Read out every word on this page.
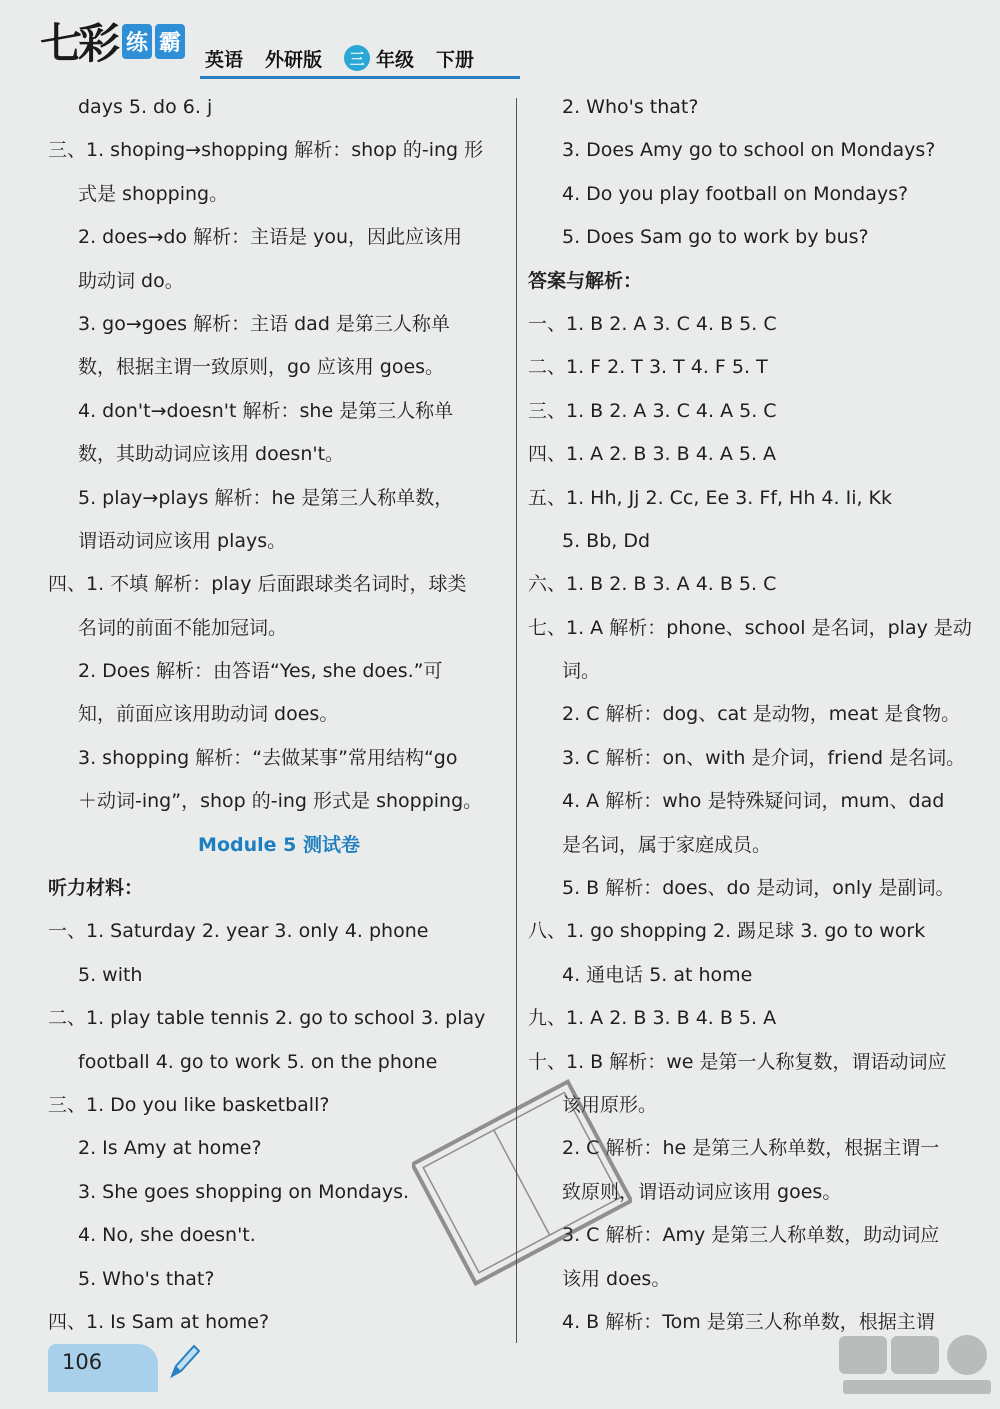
七彩 练 霸
英语 外研版	三 年级 下册
days 5. do 6. j
三、1. shoping→shopping 解析：shop 的-ing 形
式是 shopping。
2. does→do 解析：主语是 you，因此应该用
助动词 do。
3. go→goes 解析：主语 dad 是第三人称单
数，根据主谓一致原则，go 应该用 goes。
4. don't→doesn't 解析：she 是第三人称单
数，其助动词应该用 doesn't。
5. play→plays 解析：he 是第三人称单数，
谓语动词应该用 plays。
四、1. 不填 解析：play 后面跟球类名词时，球类
名词的前面不能加冠词。
2. Does 解析：由答语“Yes, she does.”可
知，前面应该用助动词 does。
3. shopping 解析：“去做某事”常用结构“go
＋动词-ing”，shop 的-ing 形式是 shopping。
Module 5 测试卷
听力材料：
一、1. Saturday 2. year 3. only 4. phone
5. with
二、1. play table tennis 2. go to school 3. play
football 4. go to work 5. on the phone
三、1. Do you like basketball?
2. Is Amy at home?
3. She goes shopping on Mondays.
4. No, she doesn't.
5. Who's that?
四、1. Is Sam at home?
2. Who's that?
3. Does Amy go to school on Mondays?
4. Do you play football on Mondays?
5. Does Sam go to work by bus?
答案与解析：
一、1. B 2. A 3. C 4. B 5. C
二、1. F 2. T 3. T 4. F 5. T
三、1. B 2. A 3. C 4. A 5. C
四、1. A 2. B 3. B 4. A 5. A
五、1. Hh, Jj 2. Cc, Ee 3. Ff, Hh 4. Ii, Kk
5. Bb, Dd
六、1. B 2. B 3. A 4. B 5. C
七、1. A 解析：phone、school 是名词，play 是动
词。
2. C 解析：dog、cat 是动物，meat 是食物。
3. C 解析：on、with 是介词，friend 是名词。
4. A 解析：who 是特殊疑问词，mum、dad
是名词，属于家庭成员。
5. B 解析：does、do 是动词，only 是副词。
八、1. go shopping 2. 踢足球 3. go to work
4. 通电话 5. at home
九、1. A 2. B 3. B 4. B 5. A
十、1. B 解析：we 是第一人称复数，谓语动词应
该用原形。
2. C 解析：he 是第三人称单数，根据主谓一
致原则，谓语动词应该用 goes。
3. C 解析：Amy 是第三人称单数，助动词应
该用 does。
4. B 解析：Tom 是第三人称单数，根据主谓
106
